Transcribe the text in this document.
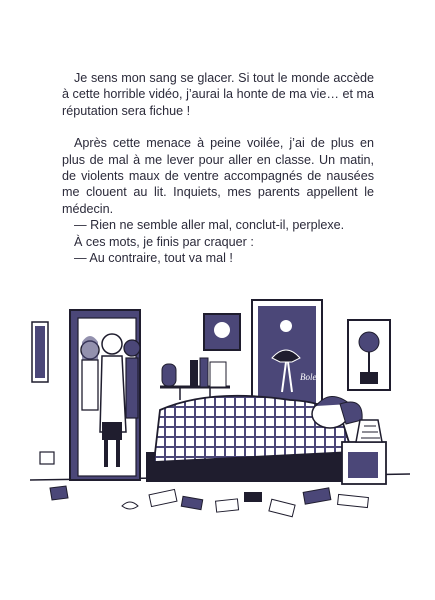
Je sens mon sang se glacer. Si tout le monde accède à cette horrible vidéo, j’aurai la honte de ma vie… et ma réputation sera fichue !

Après cette menace à peine voilée, j’ai de plus en plus de mal à me lever pour aller en classe. Un matin, de violents maux de ventre accompagnés de nausées me clouent au lit. Inquiets, mes parents appellent le médecin.

— Rien ne semble aller mal, conclut-il, perplexe.

À ces mots, je finis par craquer :

— Au contraire, tout va mal !

Bolek
